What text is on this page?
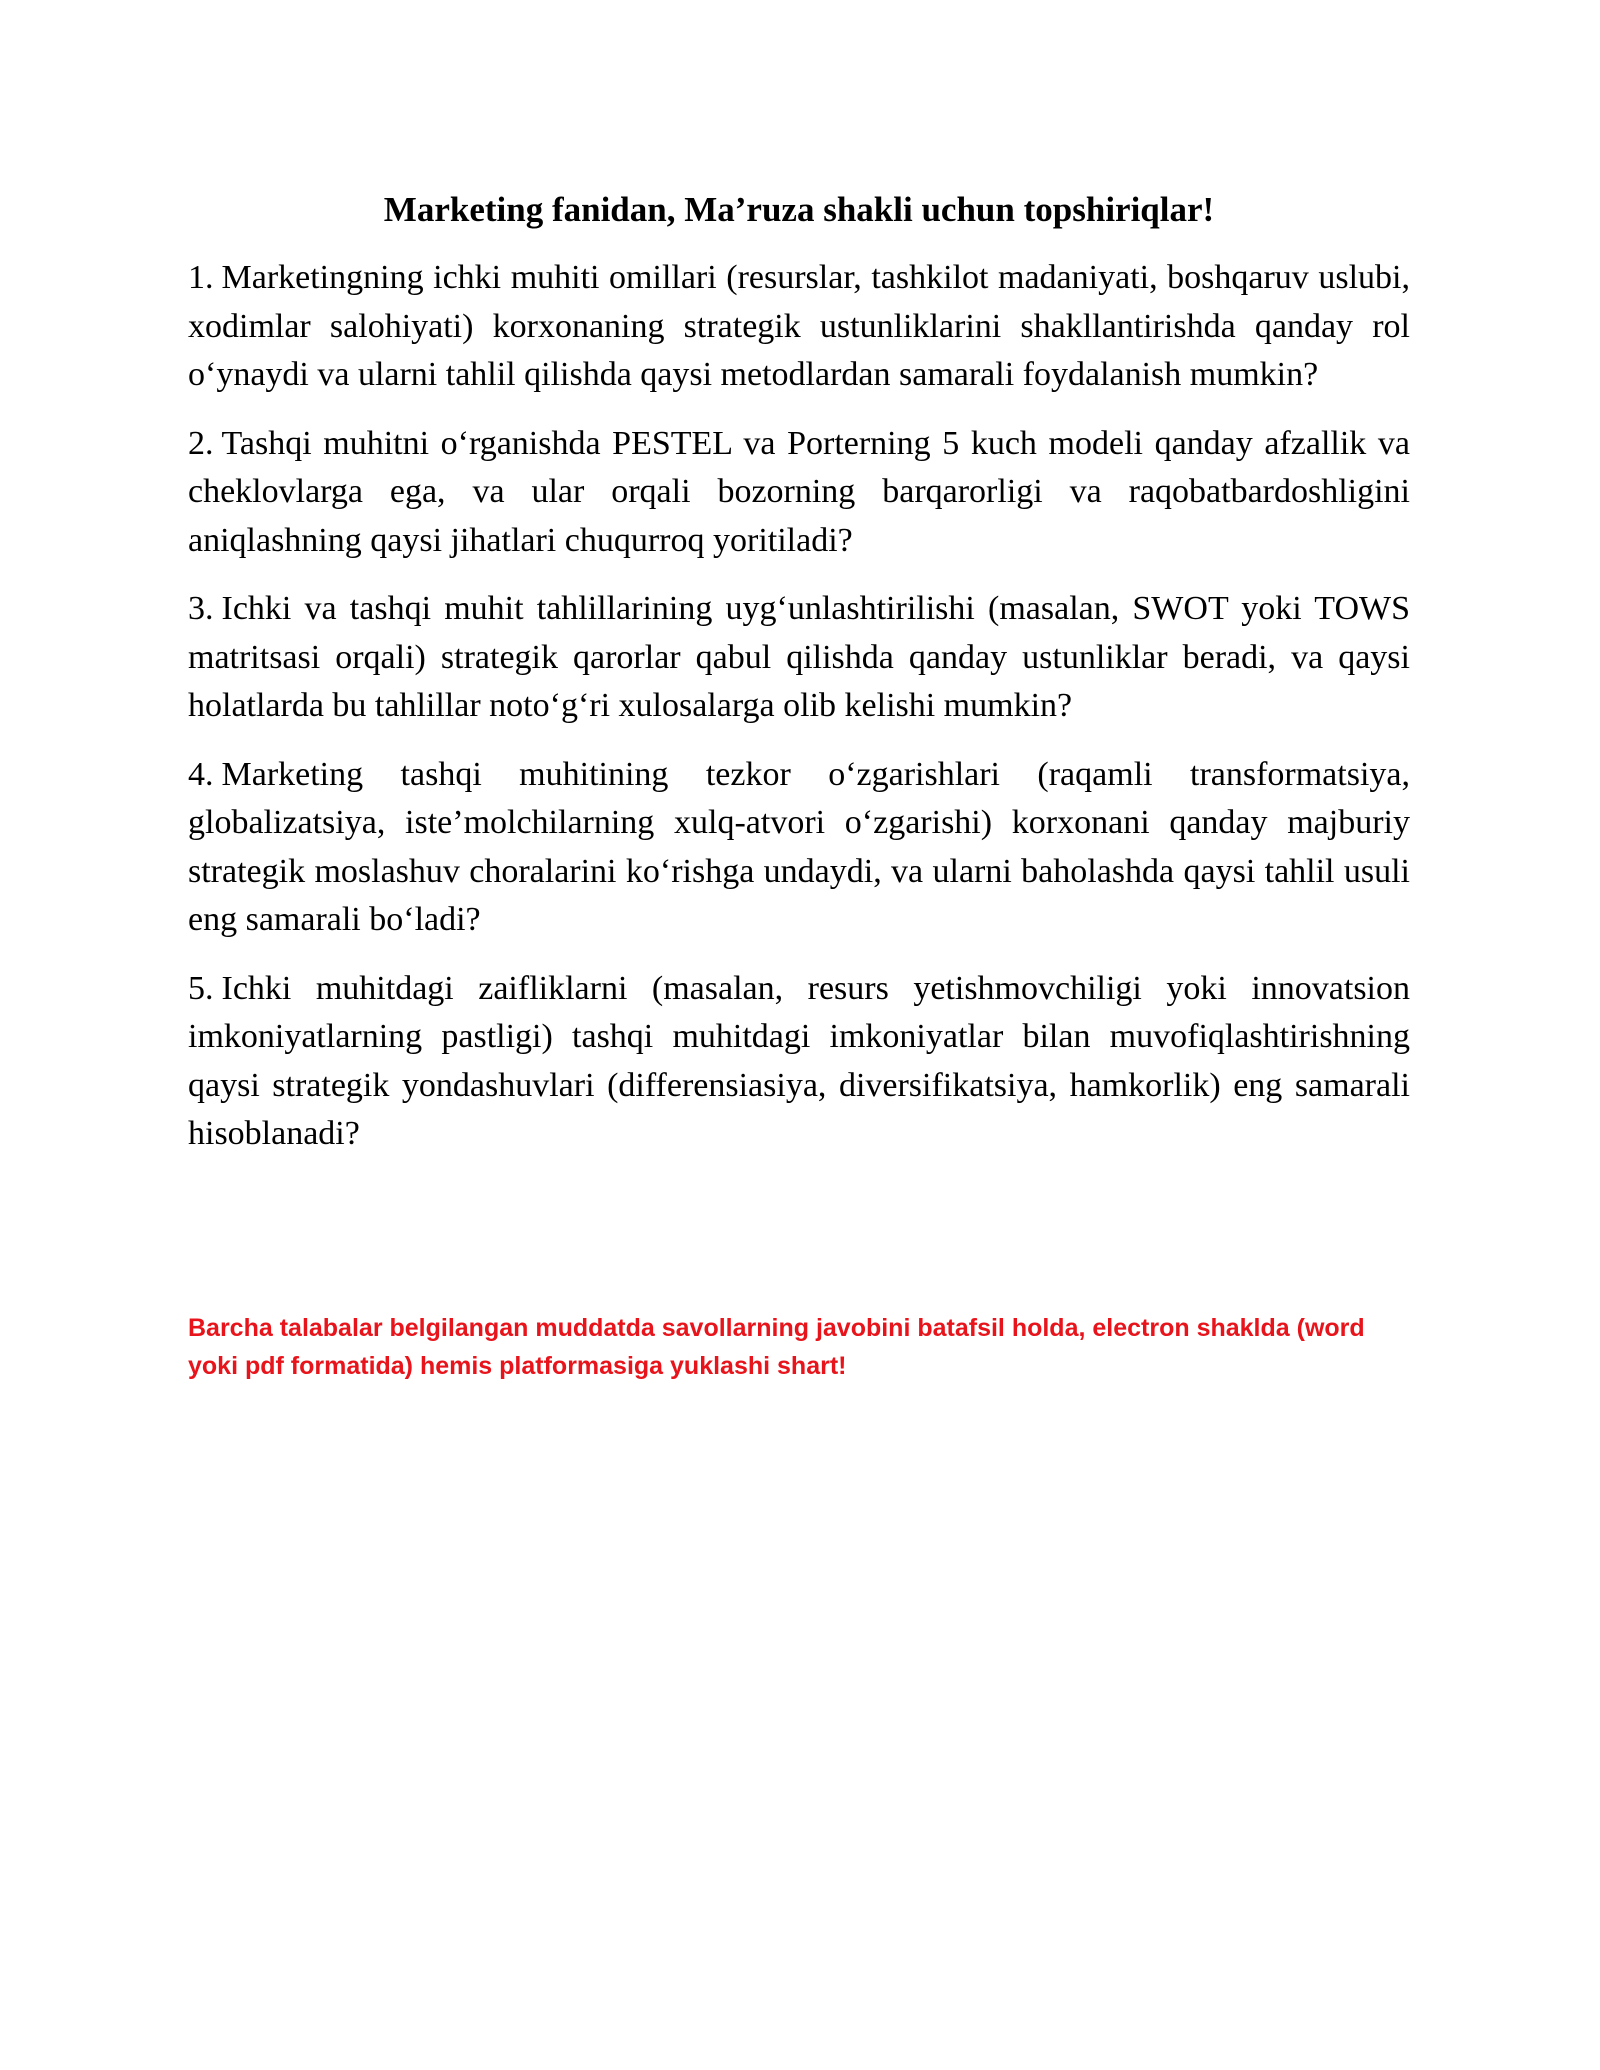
Marketing fanidan, Ma’ruza shakli uchun topshiriqlar!

1. Marketingning ichki muhiti omillari (resurslar, tashkilot madaniyati, boshqaruv uslubi, xodimlar salohiyati) korxonaning strategik ustunliklarini shakllantirishda qanday rol o‘ynaydi va ularni tahlil qilishda qaysi metodlardan samarali foydalanish mumkin?

2. Tashqi muhitni o‘rganishda PESTEL va Porterning 5 kuch modeli qanday afzallik va cheklovlarga ega, va ular orqali bozorning barqarorligi va raqobatbardoshligini aniqlashning qaysi jihatlari chuqurroq yoritiladi?

3. Ichki va tashqi muhit tahlillarining uyg‘unlashtirilishi (masalan, SWOT yoki TOWS matritsasi orqali) strategik qarorlar qabul qilishda qanday ustunliklar beradi, va qaysi holatlarda bu tahlillar noto‘g‘ri xulosalarga olib kelishi mumkin?

4. Marketing tashqi muhitining tezkor o‘zgarishlari (raqamli transformatsiya, globalizatsiya, iste’molchilarning xulq-atvori o‘zgarishi) korxonani qanday majburiy strategik moslashuv choralarini ko‘rishga undaydi, va ularni baholashda qaysi tahlil usuli eng samarali bo‘ladi?

5. Ichki muhitdagi zaifliklarni (masalan, resurs yetishmovchiligi yoki innovatsion imkoniyatlarning pastligi) tashqi muhitdagi imkoniyatlar bilan muvofiqlashtirishning qaysi strategik yondashuvlari (differensiasiya, diversifikatsiya, hamkorlik) eng samarali hisoblanadi?

Barcha talabalar belgilangan muddatda savollarning javobini batafsil holda, electron shaklda (word yoki pdf formatida) hemis platformasiga yuklashi shart!
